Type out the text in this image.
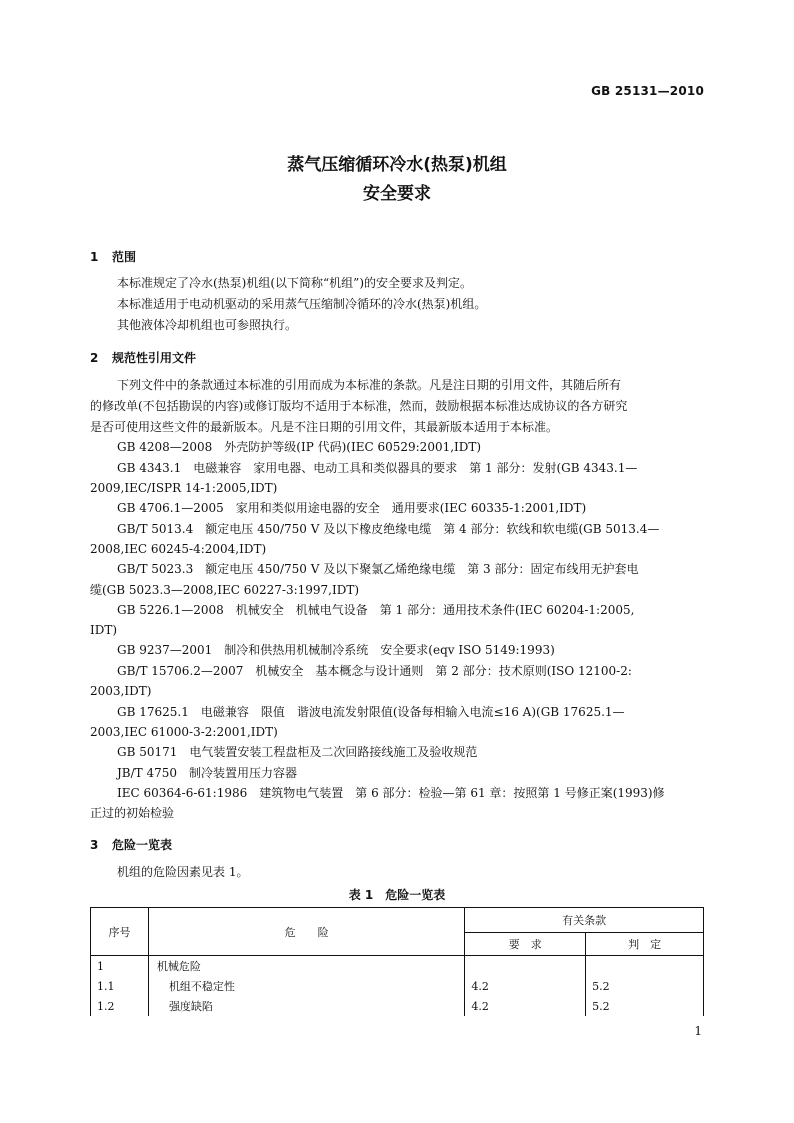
GB 25131—2010
蒸气压缩循环冷水(热泵)机组
安全要求
1 范围
本标准规定了冷水(热泵)机组(以下简称“机组”)的安全要求及判定。
本标准适用于电动机驱动的采用蒸气压缩制冷循环的冷水(热泵)机组。
其他液体冷却机组也可参照执行。
2 规范性引用文件
下列文件中的条款通过本标准的引用而成为本标准的条款。凡是注日期的引用文件，其随后所有
的修改单(不包括勘误的内容)或修订版均不适用于本标准，然而，鼓励根据本标准达成协议的各方研究
是否可使用这些文件的最新版本。凡是不注日期的引用文件，其最新版本适用于本标准。
GB 4208—2008　外壳防护等级(IP 代码)(IEC 60529:2001,IDT)
GB 4343.1　电磁兼容　家用电器、电动工具和类似器具的要求　第 1 部分：发射(GB 4343.1—
2009,IEC/ISPR 14-1:2005,IDT)
GB 4706.1—2005　家用和类似用途电器的安全　通用要求(IEC 60335-1:2001,IDT)
GB/T 5013.4　额定电压 450/750 V 及以下橡皮绝缘电缆　第 4 部分：软线和软电缆(GB 5013.4—
2008,IEC 60245-4:2004,IDT)
GB/T 5023.3　额定电压 450/750 V 及以下聚氯乙烯绝缘电缆　第 3 部分：固定布线用无护套电
缆(GB 5023.3—2008,IEC 60227-3:1997,IDT)
GB 5226.1—2008　机械安全　机械电气设备　第 1 部分：通用技术条件(IEC 60204-1:2005,
IDT)
GB 9237—2001　制冷和供热用机械制冷系统　安全要求(eqv ISO 5149:1993)
GB/T 15706.2—2007　机械安全　基本概念与设计通则　第 2 部分：技术原则(ISO 12100-2:
2003,IDT)
GB 17625.1　电磁兼容　限值　谐波电流发射限值(设备每相输入电流≤16 A)(GB 17625.1—
2003,IEC 61000-3-2:2001,IDT)
GB 50171　电气装置安装工程盘柜及二次回路接线施工及验收规范
JB/T 4750　制冷装置用压力容器
IEC 60364-6-61:1986　建筑物电气装置　第 6 部分：检验—第 61 章：按照第 1 号修正案(1993)修
正过的初始检验
3 危险一览表
机组的危险因素见表 1。
表 1　危险一览表
序号	危　　险	有关条款	
		要　求	判　定
1	机械危险		
1.1	机组不稳定性	4.2	5.2
1.2	强度缺陷	4.2	5.2
1
